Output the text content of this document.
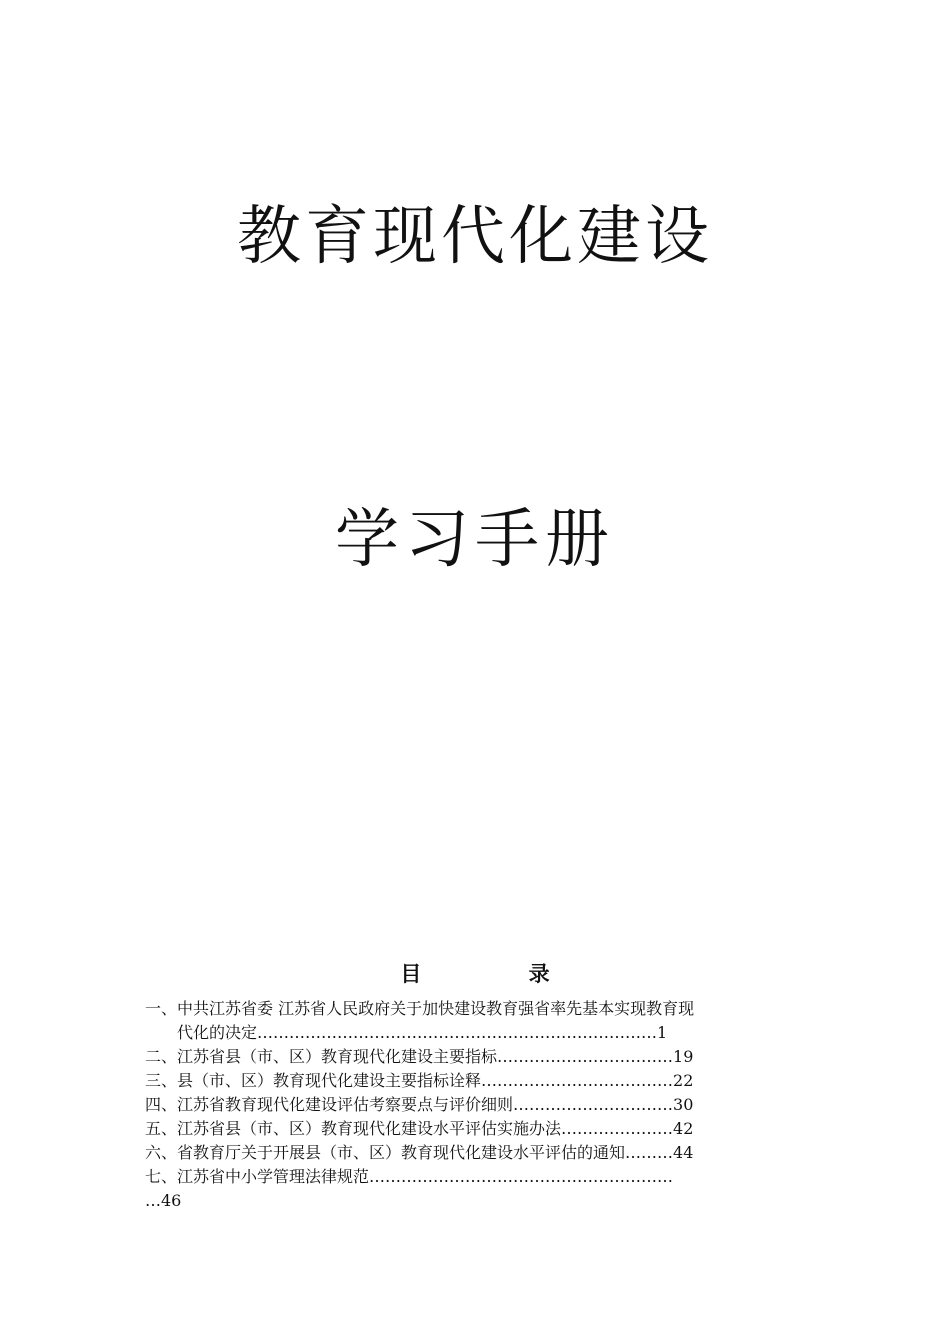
教育现代化建设
学习手册
目 录
一、中共江苏省委 江苏省人民政府关于加快建设教育强省率先基本实现教育现
代化的决定…………………………………………………………………1
二、江苏省县（市、区）教育现代化建设主要指标……………………………19
三、县（市、区）教育现代化建设主要指标诠释………………………………22
四、江苏省教育现代化建设评估考察要点与评价细则…………………………30
五、江苏省县（市、区）教育现代化建设水平评估实施办法…………………42
六、省教育厅关于开展县（市、区）教育现代化建设水平评估的通知………44
七、江苏省中小学管理法律规范…………………………………………………
…46
